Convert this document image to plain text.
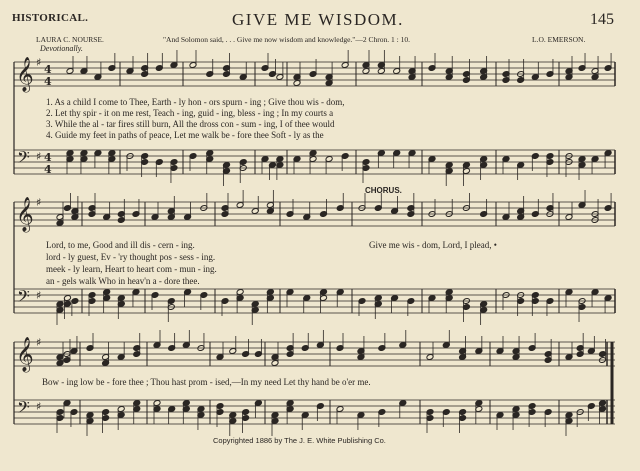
HISTORICAL.	GIVE ME WISDOM.	145
LAURA C. NOURSE.
Devotionally.
"And Solomon said, . . . Give me now wisdom and knowledge."—2 Chron. 1 : 10.	L.O. EMERSON.
𝄞
𝄢
♯
♯
4
4
4
4
𝄞
𝄢
♯
♯
𝄞
𝄢
♯
♯
1. As a child I come to Thee, Earth - ly hon - ors spurn - ing ; Give thou wis - dom,
2. Let thy spir - it on me rest, Teach - ing, guid - ing, bless - ing ; In my courts a
3. While the al - tar fires still burn, All the dross con - sum - ing, I of thee would
4. Guide my feet in paths of peace, Let me walk be - fore thee Soft - ly as the
CHORUS.
Lord, to me, Good and ill dis - cern - ing.
lord - ly guest, Ev - 'ry thought pos - sess - ing.
meek - ly learn, Heart to heart com - mun - ing.
an - gels walk Who in heav'n a - dore thee.
Give me wis - dom, Lord, I plead, •
Bow - ing low be - fore thee ; Thou hast prom - ised,—In my need Let thy hand be o'er me.
Copyrighted 1886 by The J. E. White Publishing Co.
